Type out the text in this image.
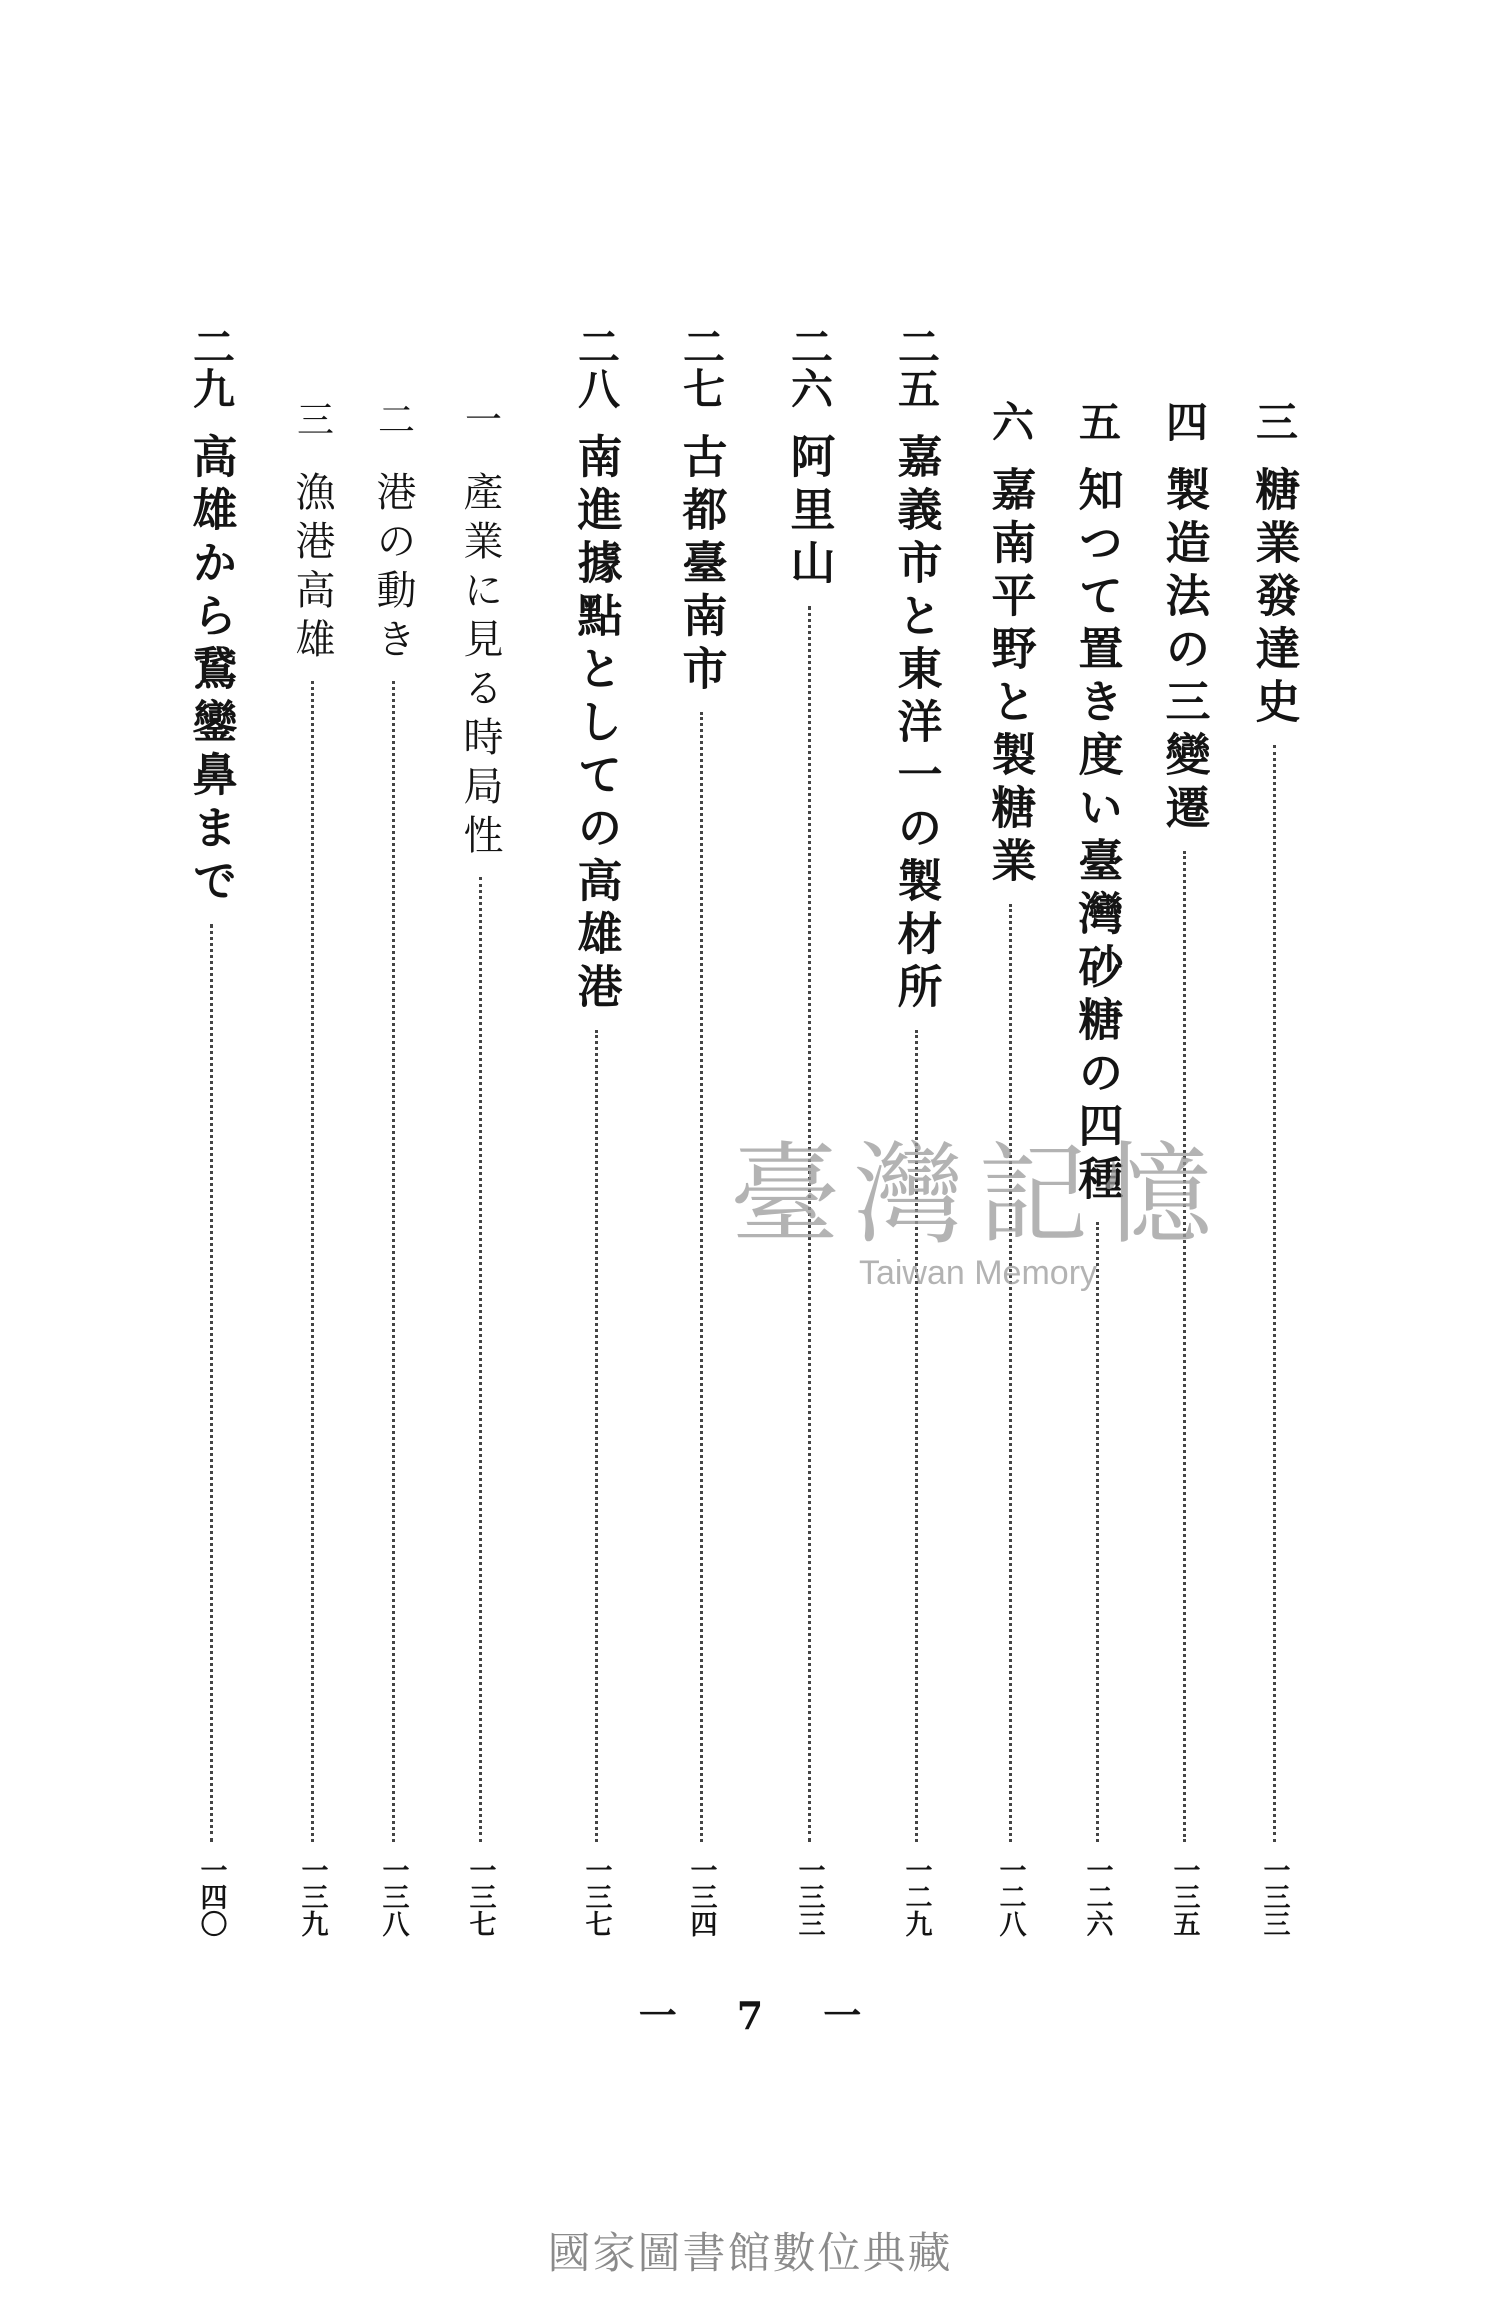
三
糖業發達史
一三三
四
製造法の三變遷
一三五
五
知つて置き度い臺灣砂糖の四種
一二六
六
嘉南平野と製糖業
一二八
二五
嘉義市と東洋一の製材所
一二九
二六
阿里山
一三三
二七
古都臺南市
一三四
二八
南進據點としての高雄港
一三七
一
產業に見る時局性
一三七
二
港の動き
一三八
三
漁港高雄
一三九
二九
高雄から鵞鑾鼻まで
一四〇
一 7 一
臺灣記憶
Taiwan Memory
國家圖書館數位典藏
